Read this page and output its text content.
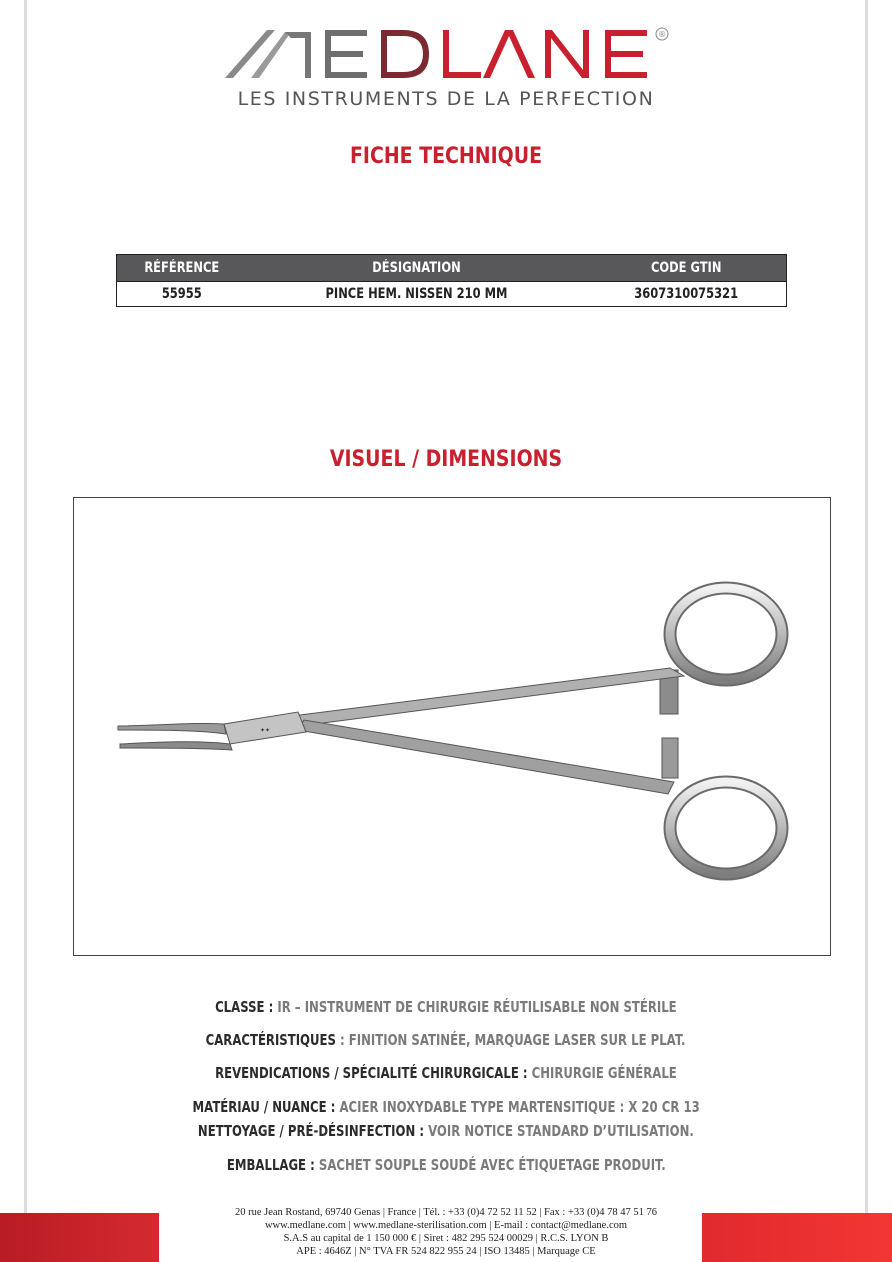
®
LES INSTRUMENTS DE LA PERFECTION
FICHE TECHNIQUE
RÉFÉRENCE	DÉSIGNATION	CODE GTIN
55955	PINCE HEM. NISSEN 210 MM	3607310075321
VISUEL / DIMENSIONS
✦✦
CLASSE : IR – INSTRUMENT DE CHIRURGIE RÉUTILISABLE NON STÉRILE
CARACTÉRISTIQUES : FINITION SATINÉE, MARQUAGE LASER SUR LE PLAT.
REVENDICATIONS / SPÉCIALITÉ CHIRURGICALE : CHIRURGIE GÉNÉRALE
MATÉRIAU / NUANCE : ACIER INOXYDABLE TYPE MARTENSITIQUE : X 20 CR 13
NETTOYAGE / PRÉ-DÉSINFECTION : VOIR NOTICE STANDARD D’UTILISATION.
EMBALLAGE : SACHET SOUPLE SOUDÉ AVEC ÉTIQUETAGE PRODUIT.
20 rue Jean Rostand, 69740 Genas | France | Tél. : +33 (0)4 72 52 11 52 | Fax : +33 (0)4 78 47 51 76
www.medlane.com | www.medlane-sterilisation.com | E-mail : contact@medlane.com
S.A.S au capital de 1 150 000 € | Siret : 482 295 524 00029 | R.C.S. LYON B
APE : 4646Z | N° TVA FR 524 822 955 24 | ISO 13485 | Marquage CE
